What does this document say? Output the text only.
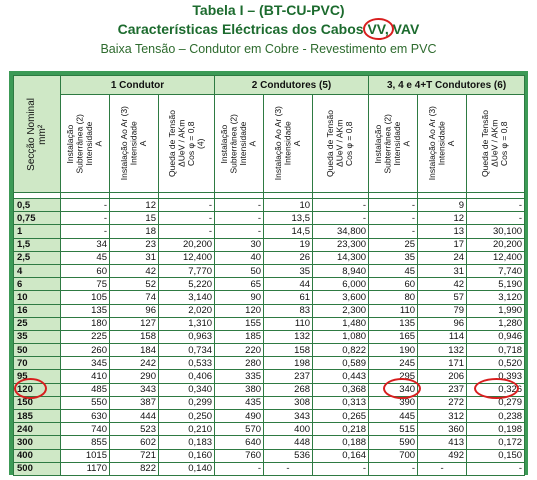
Tabela I – (BT-CU-PVC)
Características Eléctricas dos Cabos
VV, VAV
Baixa Tensão – Condutor em Cobre - Revestimento em PVC
Secção Nominal
mm²	1 Condutor			2 Condutores (5)			3, 4 e 4+T Condutores (6)		

	Instalação
Subterrânea (2)
Intensidade
A	Instalação Ao Ar (3)
Intensidade
A	Queda de Tensão
ΔUeV / AKm
Cos φ = 0,8
(4)	Instalação
Subterrânea (2)
Intensidade
A	Instalação Ao Ar (3)
Intensidade
A	Queda de Tensão
ΔUeV / AKm
Cos φ = 0,8	Instalação
Subterrânea (2)
Intensidade
A	Instalação Ao Ar (3)
Intensidade
A	Queda de Tensão
ΔUeV / AKm
Cos φ = 0,8

0,5	-	12	-	-	10	-	-	9	-
0,75	-	15	-	-	13,5	-	-	12	-
1	-	18	-	-	14,5	34,800	-	13	30,100
1,5	34	23	20,200	30	19	23,300	25	17	20,200
2,5	45	31	12,400	40	26	14,300	35	24	12,400
4	60	42	7,770	50	35	8,940	45	31	7,740
6	75	52	5,220	65	44	6,000	60	42	5,190
10	105	74	3,140	90	61	3,600	80	57	3,120
16	135	96	2,020	120	83	2,300	110	79	1,990
25	180	127	1,310	155	110	1,480	135	96	1,280
35	225	158	0,963	185	132	1,080	165	114	0,946
50	260	184	0,734	220	158	0,822	190	132	0,718
70	345	242	0,533	280	198	0,589	245	171	0,520
95	410	290	0,406	335	237	0,443	295	206	0,393
120	485	343	0,340	380	268	0,368	340	237	0,326
150	550	387	0,299	435	308	0,313	390	272	0,279
185	630	444	0,250	490	343	0,265	445	312	0,238
240	740	523	0,210	570	400	0,218	515	360	0,198
300	855	602	0,183	640	448	0,188	590	413	0,172
400	1015	721	0,160	760	536	0,164	700	492	0,150
500	1170	822	0,140	-	-	-	-	-	-
